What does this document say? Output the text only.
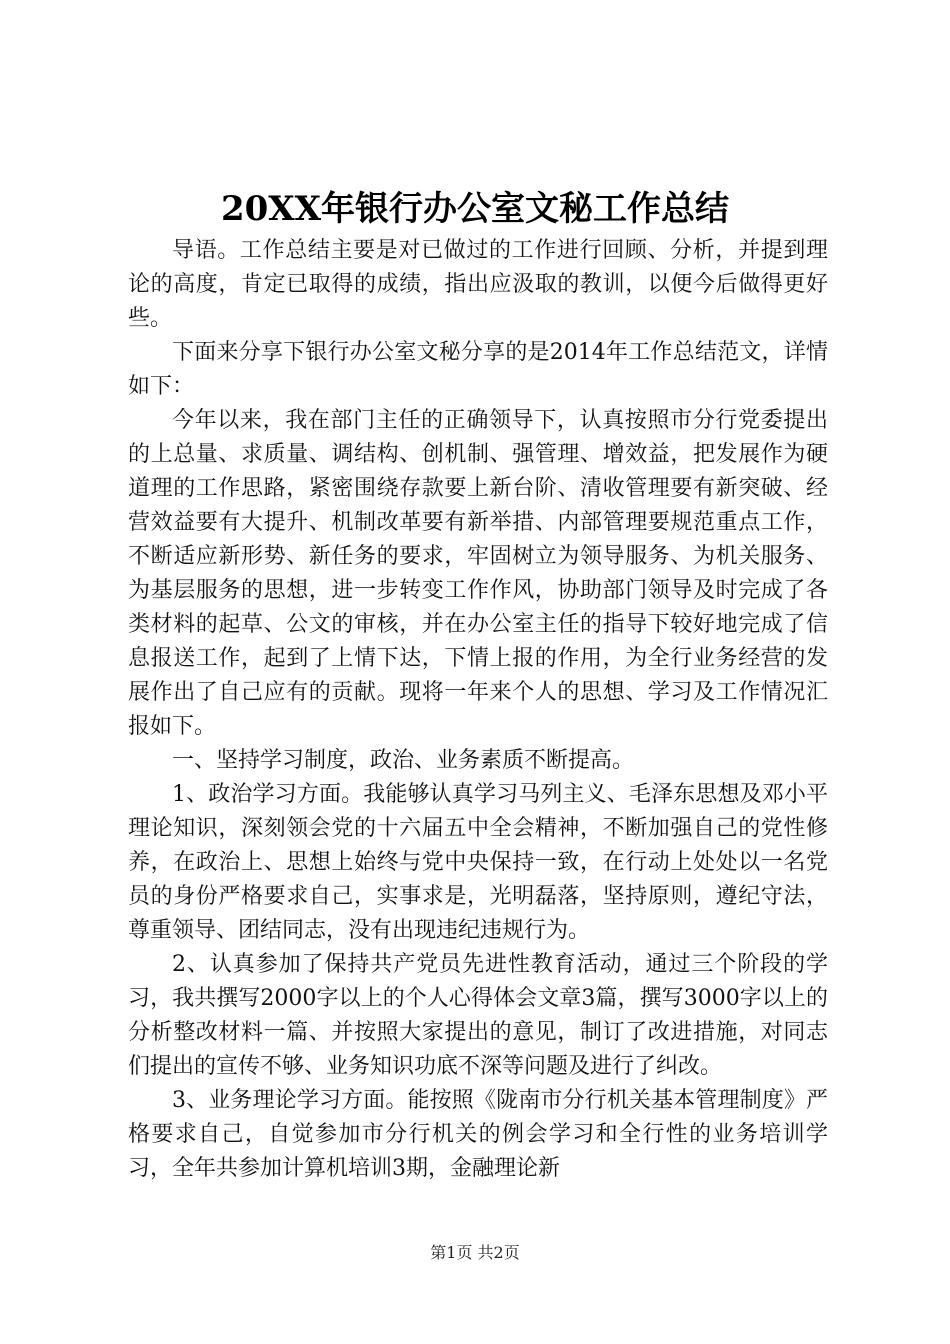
20XX年银行办公室文秘工作总结

导语。工作总结主要是对已做过的工作进行回顾、分析，并提到理论的高度，肯定已取得的成绩，指出应汲取的教训，以便今后做得更好些。

下面来分享下银行办公室文秘分享的是2014年工作总结范文，详情如下：

今年以来，我在部门主任的正确领导下，认真按照市分行党委提出的上总量、求质量、调结构、创机制、强管理、增效益，把发展作为硬道理的工作思路，紧密围绕存款要上新台阶、清收管理要有新突破、经营效益要有大提升、机制改革要有新举措、内部管理要规范重点工作，不断适应新形势、新任务的要求，牢固树立为领导服务、为机关服务、为基层服务的思想，进一步转变工作作风，协助部门领导及时完成了各类材料的起草、公文的审核，并在办公室主任的指导下较好地完成了信息报送工作，起到了上情下达，下情上报的作用，为全行业务经营的发展作出了自己应有的贡献。现将一年来个人的思想、学习及工作情况汇报如下。

一、坚持学习制度，政治、业务素质不断提高。

1、政治学习方面。我能够认真学习马列主义、毛泽东思想及邓小平理论知识，深刻领会党的十六届五中全会精神，不断加强自己的党性修养，在政治上、思想上始终与党中央保持一致，在行动上处处以一名党员的身份严格要求自己，实事求是，光明磊落，坚持原则，遵纪守法，尊重领导、团结同志，没有出现违纪违规行为。

2、认真参加了保持共产党员先进性教育活动，通过三个阶段的学习，我共撰写2000字以上的个人心得体会文章3篇，撰写3000字以上的分析整改材料一篇、并按照大家提出的意见，制订了改进措施，对同志们提出的宣传不够、业务知识功底不深等问题及进行了纠改。

3、业务理论学习方面。能按照《陇南市分行机关基本管理制度》严格要求自己，自觉参加市分行机关的例会学习和全行性的业务培训学习，全年共参加计算机培训3期，金融理论新

第1页 共2页
